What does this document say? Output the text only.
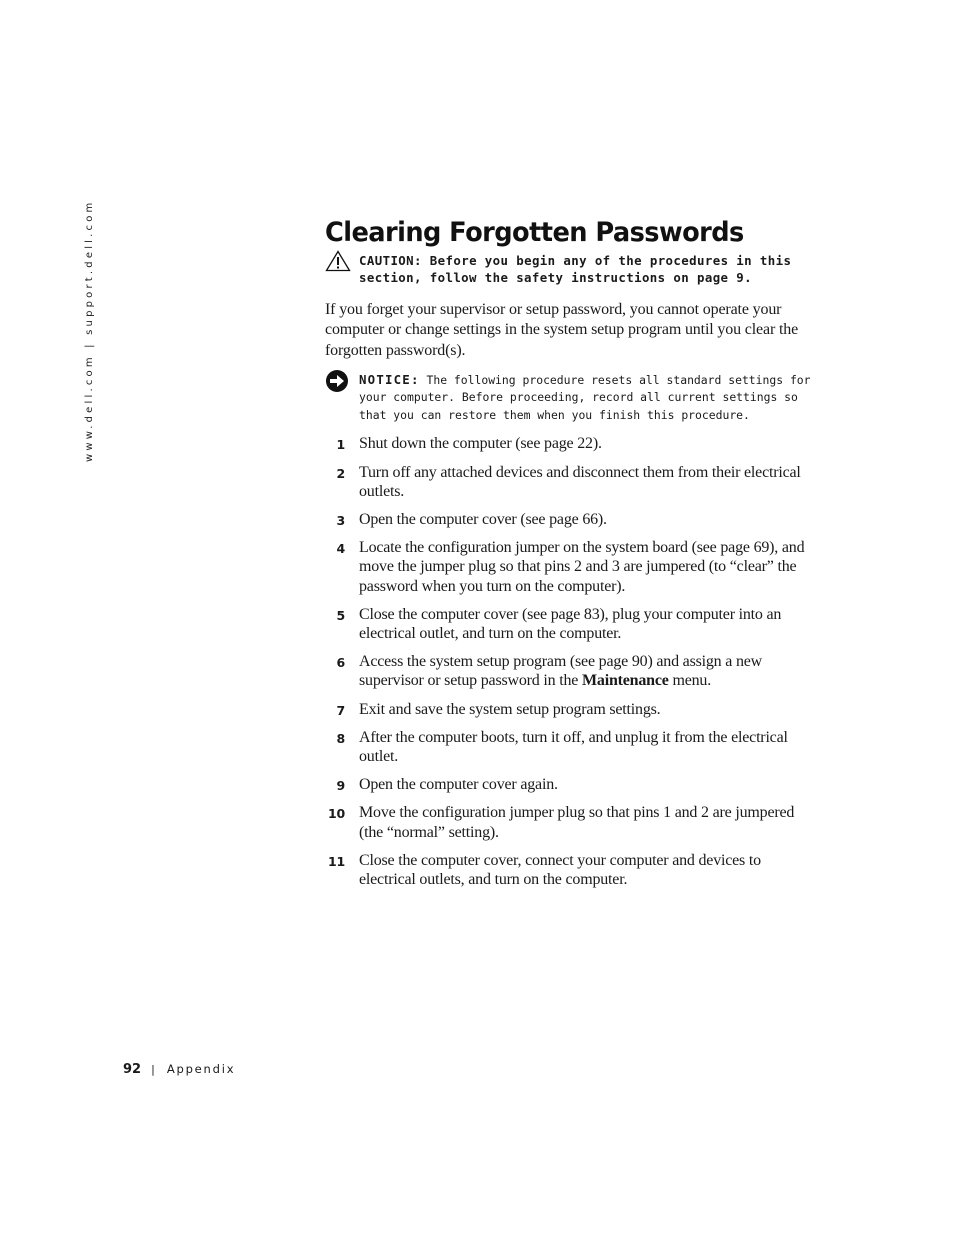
www.dell.com | support.dell.com	Clearing Forgotten Passwords
CAUTION: Before you begin any of the procedures in this section, follow the safety instructions on page 9.

If you forget your supervisor or setup password, you cannot operate your computer or change settings in the system setup program until you clear the forgotten password(s).

NOTICE: The following procedure resets all standard settings for your computer. Before proceeding, record all current settings so that you can restore them when you finish this procedure.
1 Shut down the computer (see page 22).
2 Turn off any attached devices and disconnect them from their electrical outlets.
3 Open the computer cover (see page 66).
4 Locate the configuration jumper on the system board (see page 69), and move the jumper plug so that pins 2 and 3 are jumpered (to “clear” the password when you turn on the computer).
5 Close the computer cover (see page 83), plug your computer into an electrical outlet, and turn on the computer.
6 Access the system setup program (see page 90) and assign a new supervisor or setup password in the Maintenance menu.
7 Exit and save the system setup program settings.
8 After the computer boots, turn it off, and unplug it from the electrical outlet.
9 Open the computer cover again.
10 Move the configuration jumper plug so that pins 1 and 2 are jumpered (the “normal” setting).
11 Close the computer cover, connect your computer and devices to electrical outlets, and turn on the computer.
92 | Appendix
